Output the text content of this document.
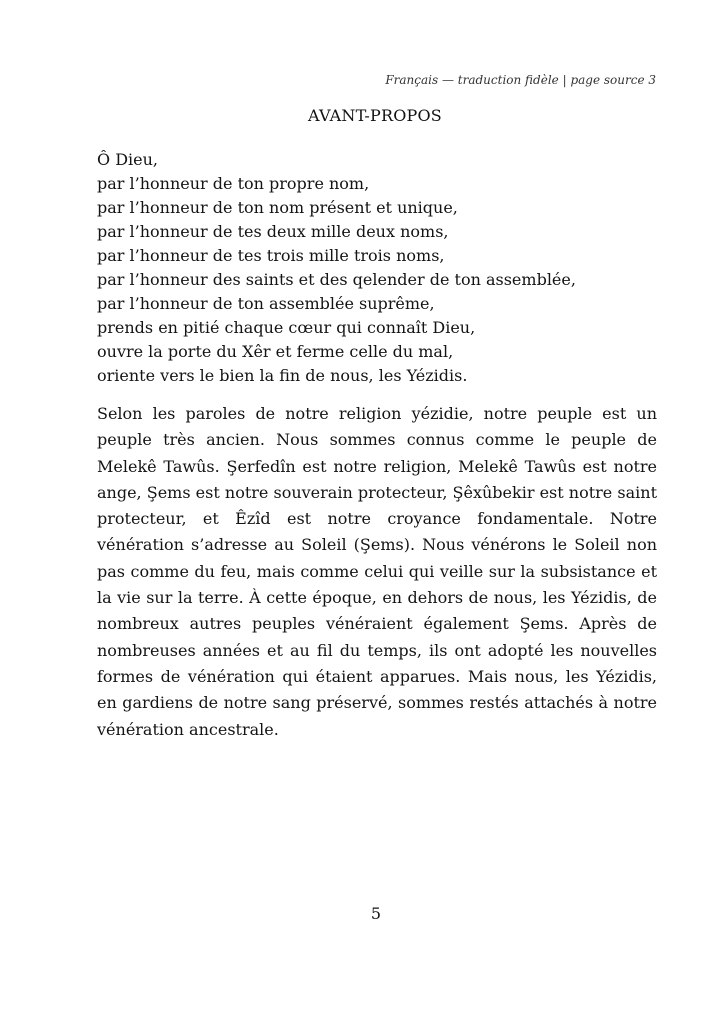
Français — traduction fidèle | page source 3
AVANT-PROPOS
Ô Dieu,
par l’honneur de ton propre nom,
par l’honneur de ton nom présent et unique,
par l’honneur de tes deux mille deux noms,
par l’honneur de tes trois mille trois noms,
par l’honneur des saints et des qelender de ton assemblée,
par l’honneur de ton assemblée suprême,
prends en pitié chaque cœur qui connaît Dieu,
ouvre la porte du Xêr et ferme celle du mal,
oriente vers le bien la fin de nous, les Yézidis.

Selon les paroles de notre religion yézidie, notre peuple est un peuple très ancien. Nous sommes connus comme le peuple de Melekê Tawûs. Şerfedîn est notre religion, Melekê Tawûs est notre ange, Şems est notre souverain protecteur, Şêxûbekir est notre saint protecteur, et Êzîd est notre croyance fondamentale. Notre vénération s’adresse au Soleil (Şems). Nous vénérons le Soleil non pas comme du feu, mais comme celui qui veille sur la subsistance et la vie sur la terre. À cette époque, en dehors de nous, les Yézidis, de nombreux autres peuples vénéraient également Şems. Après de nombreuses années et au fil du temps, ils ont adopté les nouvelles formes de vénération qui étaient apparues. Mais nous, les Yézidis, en gardiens de notre sang préservé, sommes restés attachés à notre vénération ancestrale.

5
